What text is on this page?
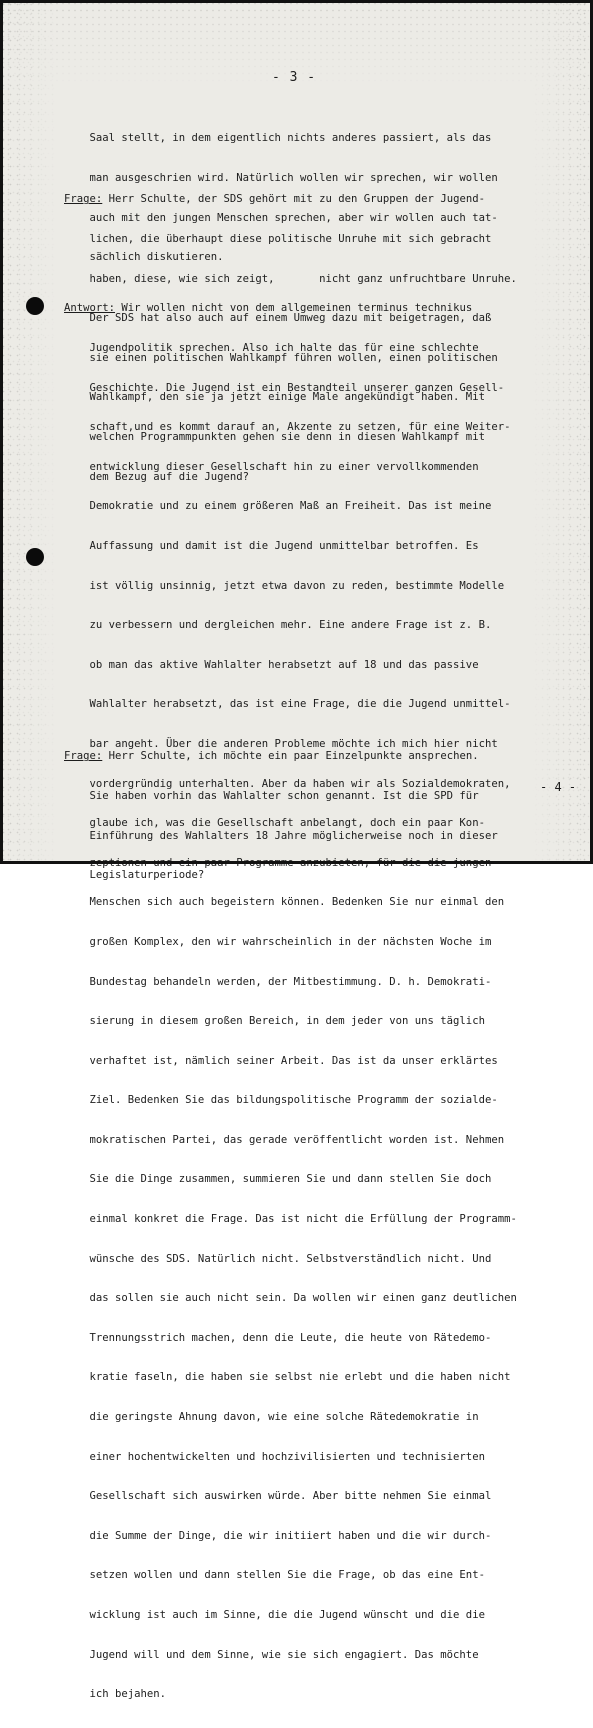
- 3 -

Saal stellt, in dem eigentlich nichts anderes passiert, als das

man ausgeschrien wird. Natürlich wollen wir sprechen, wir wollen

auch mit den jungen Menschen sprechen, aber wir wollen auch tat-

sächlich diskutieren.

Frage: Herr Schulte, der SDS gehört mit zu den Gruppen der Jugend-

lichen, die überhaupt diese politische Unruhe mit sich gebracht

haben, diese, wie sich zeigt,       nicht ganz unfruchtbare Unruhe.

Der SDS hat also auch auf einem Umweg dazu mit beigetragen, daß

sie einen politischen Wahlkampf führen wollen, einen politischen

Wahlkampf, den sie ja jetzt einige Male angekündigt haben. Mit

welchen Programmpunkten gehen sie denn in diesen Wahlkampf mit

dem Bezug auf die Jugend?

Antwort: Wir wollen nicht von dem allgemeinen terminus technikus

Jugendpolitik sprechen. Also ich halte das für eine schlechte

Geschichte. Die Jugend ist ein Bestandteil unserer ganzen Gesell-

schaft,und es kommt darauf an, Akzente zu setzen, für eine Weiter-

entwicklung dieser Gesellschaft hin zu einer vervollkommenden

Demokratie und zu einem größeren Maß an Freiheit. Das ist meine

Auffassung und damit ist die Jugend unmittelbar betroffen. Es

ist völlig unsinnig, jetzt etwa davon zu reden, bestimmte Modelle

zu verbessern und dergleichen mehr. Eine andere Frage ist z. B.

ob man das aktive Wahlalter herabsetzt auf 18 und das passive

Wahlalter herabsetzt, das ist eine Frage, die die Jugend unmittel-

bar angeht. Über die anderen Probleme möchte ich mich hier nicht

vordergründig unterhalten. Aber da haben wir als Sozialdemokraten,

glaube ich, was die Gesellschaft anbelangt, doch ein paar Kon-

zeptionen und ein paar Programme anzubieten, für die die jungen

Menschen sich auch begeistern können. Bedenken Sie nur einmal den

großen Komplex, den wir wahrscheinlich in der nächsten Woche im

Bundestag behandeln werden, der Mitbestimmung. D. h. Demokrati-

sierung in diesem großen Bereich, in dem jeder von uns täglich

verhaftet ist, nämlich seiner Arbeit. Das ist da unser erklärtes

Ziel. Bedenken Sie das bildungspolitische Programm der sozialde-

mokratischen Partei, das gerade veröffentlicht worden ist. Nehmen

Sie die Dinge zusammen, summieren Sie und dann stellen Sie doch

einmal konkret die Frage. Das ist nicht die Erfüllung der Programm-

wünsche des SDS. Natürlich nicht. Selbstverständlich nicht. Und

das sollen sie auch nicht sein. Da wollen wir einen ganz deutlichen

Trennungsstrich machen, denn die Leute, die heute von Rätedemo-

kratie faseln, die haben sie selbst nie erlebt und die haben nicht

die geringste Ahnung davon, wie eine solche Rätedemokratie in

einer hochentwickelten und hochzivilisierten und technisierten

Gesellschaft sich auswirken würde. Aber bitte nehmen Sie einmal

die Summe der Dinge, die wir initiiert haben und die wir durch-

setzen wollen und dann stellen Sie die Frage, ob das eine Ent-

wicklung ist auch im Sinne, die die Jugend wünscht und die die

Jugend will und dem Sinne, wie sie sich engagiert. Das möchte

ich bejahen.

Frage: Herr Schulte, ich möchte ein paar Einzelpunkte ansprechen.

Sie haben vorhin das Wahlalter schon genannt. Ist die SPD für

Einführung des Wahlalters 18 Jahre möglicherweise noch in dieser

Legislaturperiode?

- 4 -
